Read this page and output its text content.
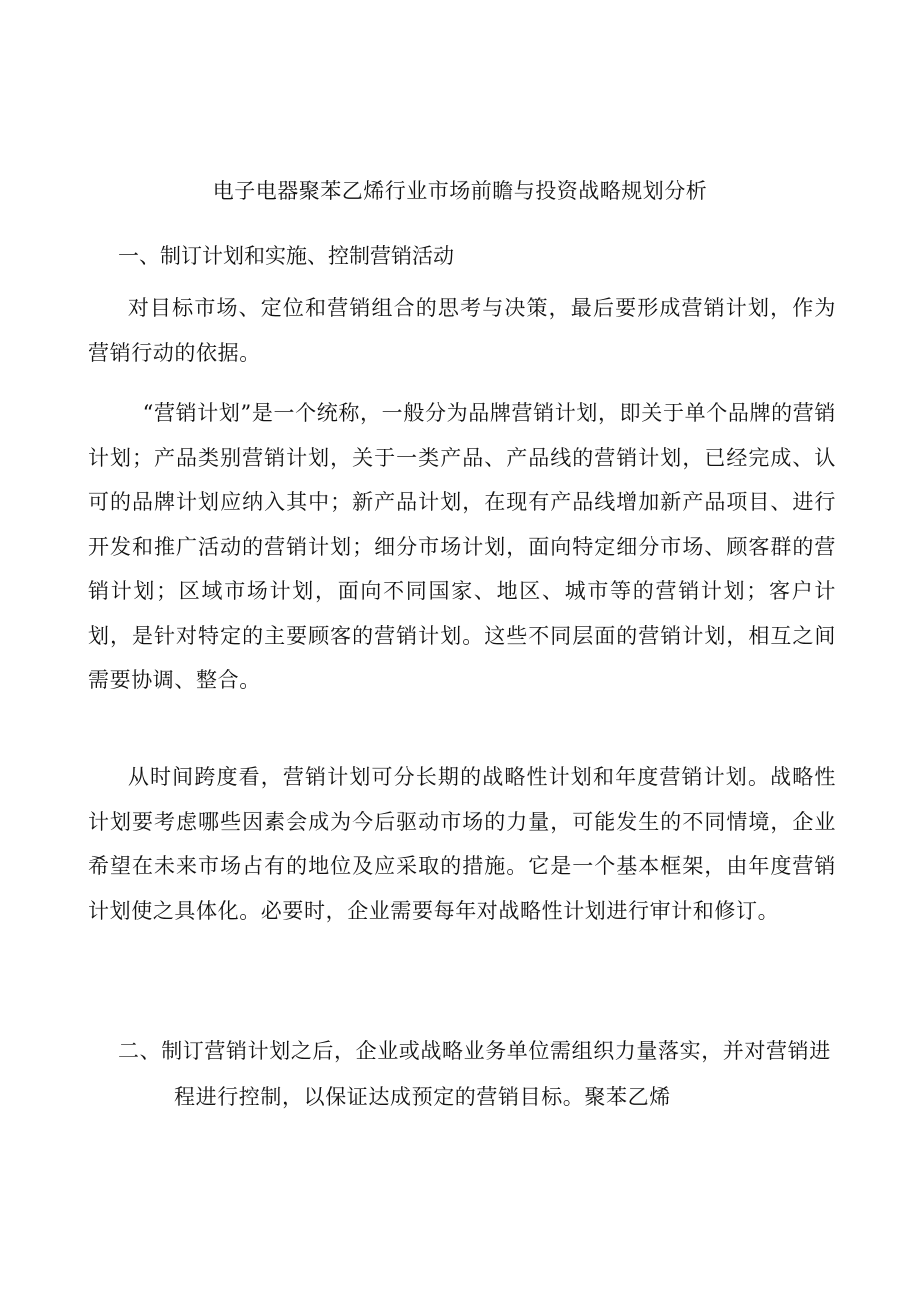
电子电器聚苯乙烯行业市场前瞻与投资战略规划分析
一、制订计划和实施、控制营销活动

对目标市场、定位和营销组合的思考与决策，最后要形成营销计划，作为营销行动的依据。

“营销计划”是一个统称，一般分为品牌营销计划，即关于单个品牌的营销计划；产品类别营销计划，关于一类产品、产品线的营销计划，已经完成、认可的品牌计划应纳入其中；新产品计划，在现有产品线增加新产品项目、进行开发和推广活动的营销计划；细分市场计划，面向特定细分市场、顾客群的营销计划；区域市场计划，面向不同国家、地区、城市等的营销计划；客户计划，是针对特定的主要顾客的营销计划。这些不同层面的营销计划，相互之间需要协调、整合。

从时间跨度看，营销计划可分长期的战略性计划和年度营销计划。战略性计划要考虑哪些因素会成为今后驱动市场的力量，可能发生的不同情境，企业希望在未来市场占有的地位及应采取的措施。它是一个基本框架，由年度营销计划使之具体化。必要时，企业需要每年对战略性计划进行审计和修订。

二、制订营销计划之后，企业或战略业务单位需组织力量落实，并对营销进程进行控制，以保证达成预定的营销目标。聚苯乙烯
